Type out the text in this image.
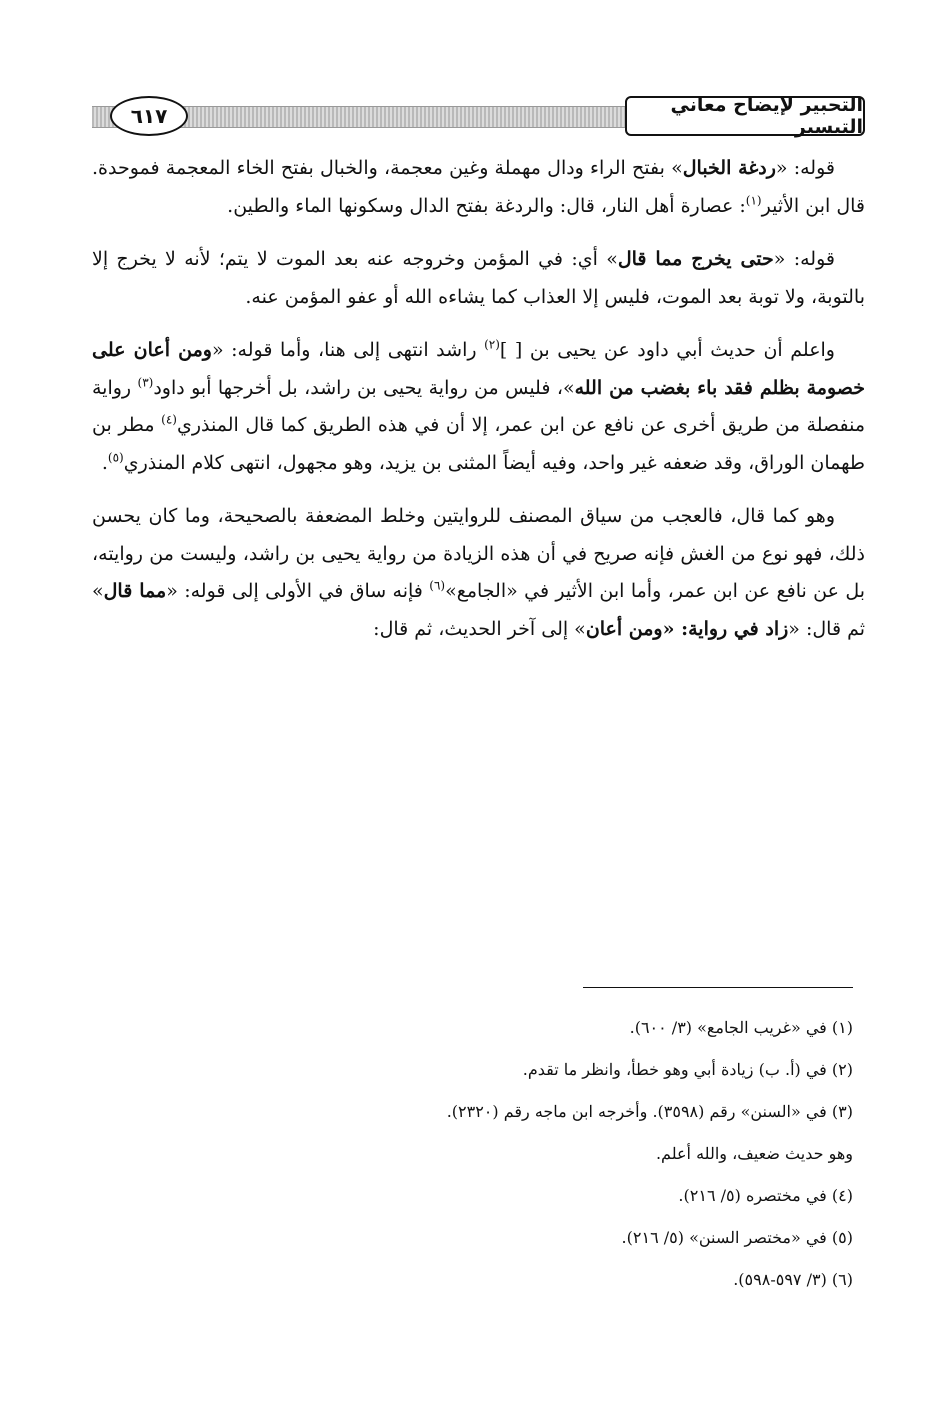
التحبير لإيضاح معاني التيسير
٦١٧

قوله: «ردغة الخبال» بفتح الراء ودال مهملة وغين معجمة، والخبال بفتح الخاء المعجمة فموحدة. قال ابن الأثير$^{(١)}$: عصارة أهل النار، قال: والردغة بفتح الدال وسكونها الماء والطين.

قوله: «حتى يخرج مما قال» أي: في المؤمن وخروجه عنه بعد الموت لا يتم؛ لأنه لا يخرج إلا بالتوبة، ولا توبة بعد الموت، فليس إلا العذاب كما يشاءه الله أو عفو المؤمن عنه.

واعلم أن حديث أبي داود عن يحيى بن [ ]$^{(٢)}$ راشد انتهى إلى هنا، وأما قوله: «ومن أعان على خصومة بظلم فقد باء بغضب من الله»، فليس من رواية يحيى بن راشد، بل أخرجها أبو داود$^{(٣)}$ رواية منفصلة من طريق أخرى عن نافع عن ابن عمر، إلا أن في هذه الطريق كما قال المنذري$^{(٤)}$ مطر بن طهمان الوراق، وقد ضعفه غير واحد، وفيه أيضاً المثنى بن يزيد، وهو مجهول، انتهى كلام المنذري$^{(٥)}$.

وهو كما قال، فالعجب من سياق المصنف للروايتين وخلط المضعفة بالصحيحة، وما كان يحسن ذلك، فهو نوع من الغش فإنه صريح في أن هذه الزيادة من رواية يحيى بن راشد، وليست من روايته، بل عن نافع عن ابن عمر، وأما ابن الأثير في «الجامع»$^{(٦)}$ فإنه ساق في الأولى إلى قوله: «مما قال» ثم قال: «زاد في رواية: «ومن أعان» إلى آخر الحديث، ثم قال:

(١) في «غريب الجامع» (٣/ ٦٠٠).
(٢) في (أ. ب) زيادة أبي وهو خطأ، وانظر ما تقدم.
(٣) في «السنن» رقم (٣٥٩٨). وأخرجه ابن ماجه رقم (٢٣٢٠).
وهو حديث ضعيف، والله أعلم.
(٤) في مختصره (٥/ ٢١٦).
(٥) في «مختصر السنن» (٥/ ٢١٦).
(٦) (٣/ ٥٩٧-٥٩٨).
